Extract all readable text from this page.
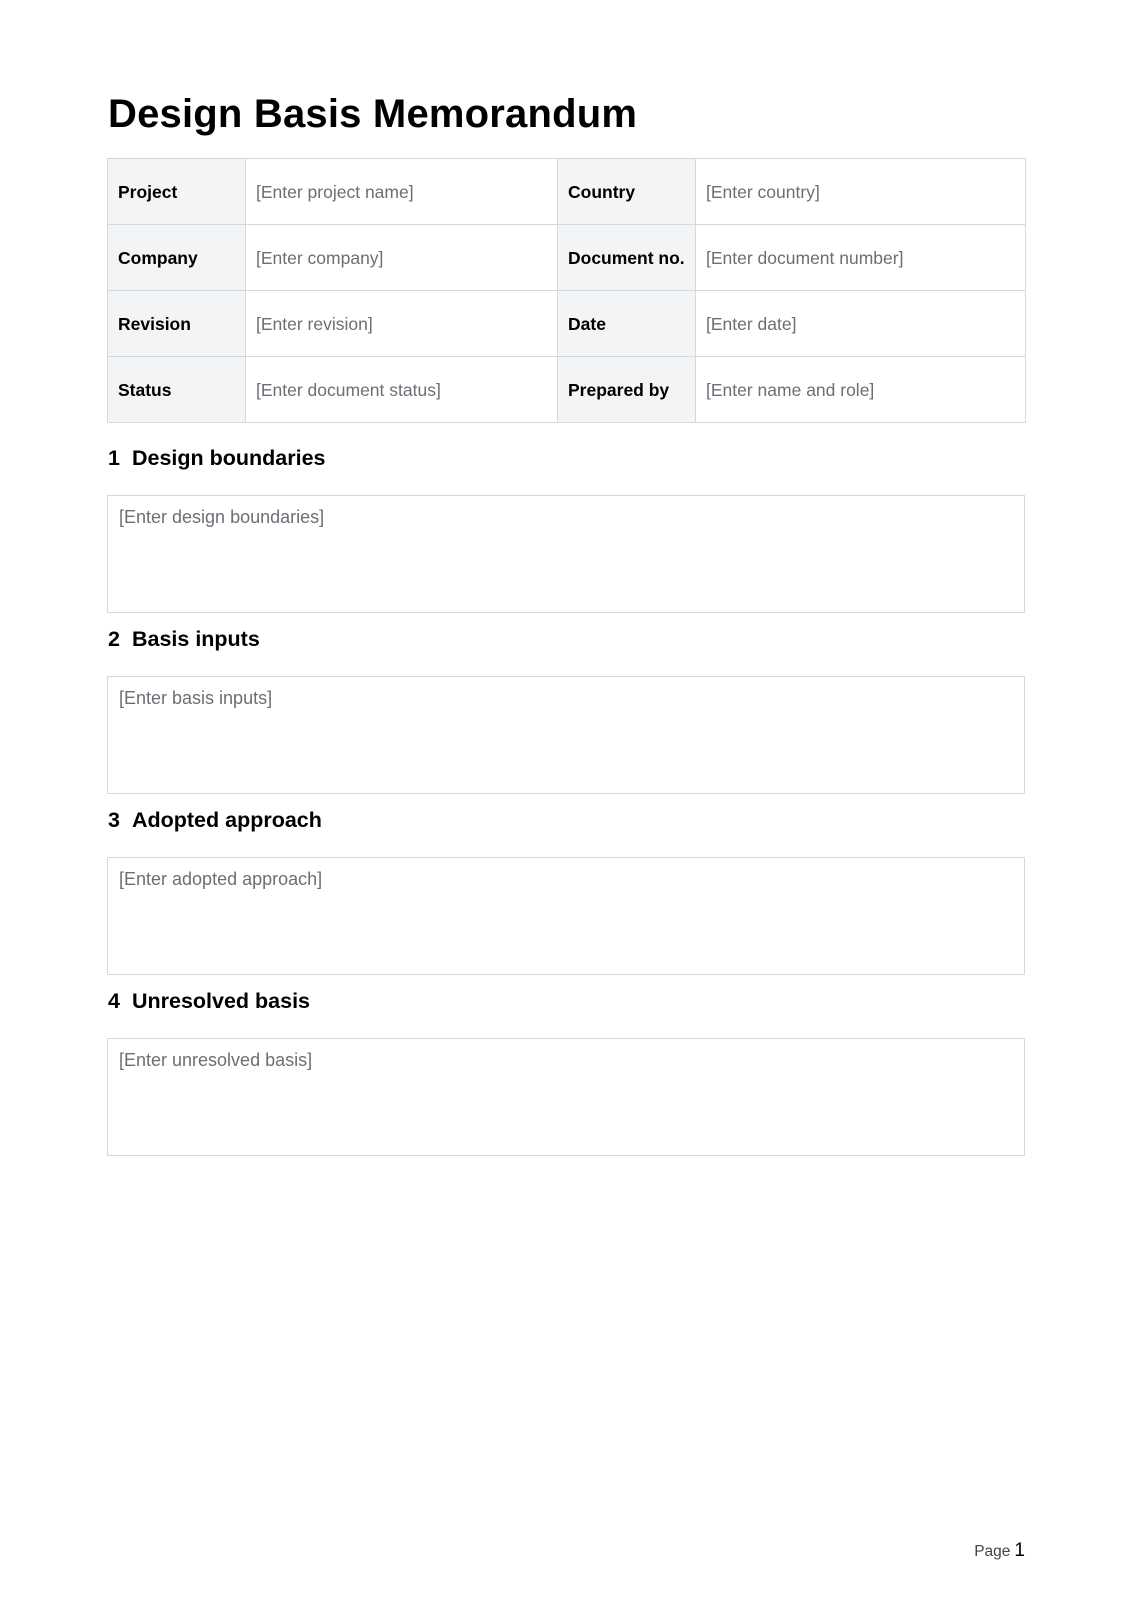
Design Basis Memorandum
Project	[Enter project name]	Country	[Enter country]
Company	[Enter company]	Document no.	[Enter document number]
Revision	[Enter revision]	Date	[Enter date]
Status	[Enter document status]	Prepared by	[Enter name and role]
1 Design boundaries
[Enter design boundaries]
2 Basis inputs
[Enter basis inputs]
3 Adopted approach
[Enter adopted approach]
4 Unresolved basis
[Enter unresolved basis]
Page 1
